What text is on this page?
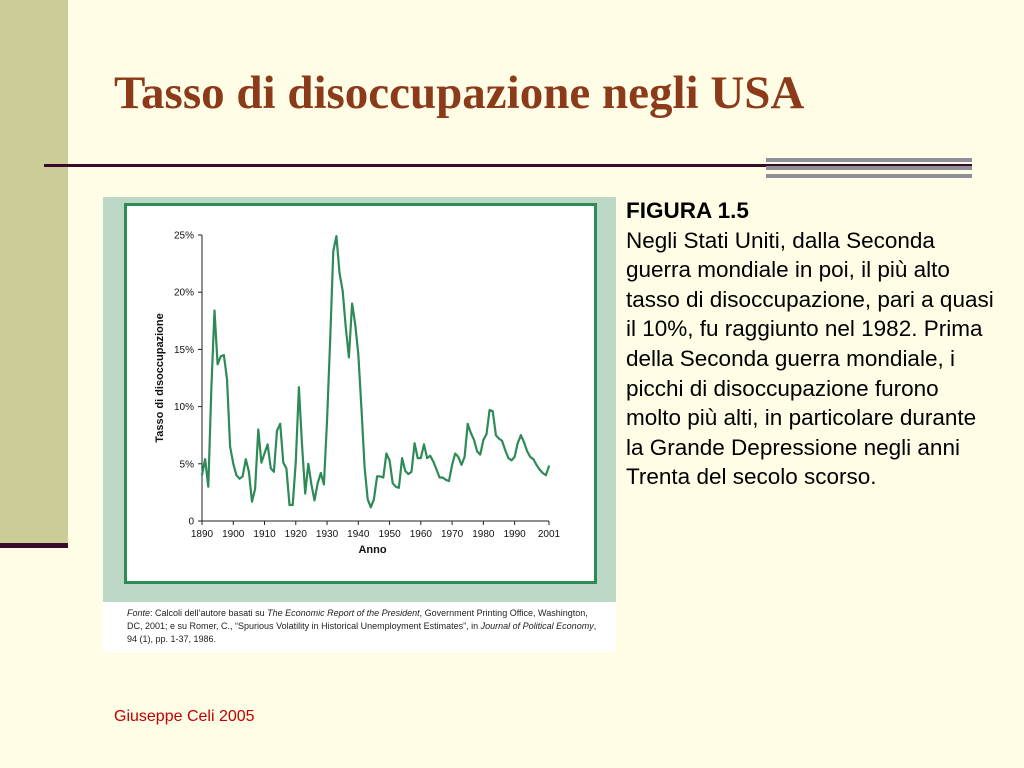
Tasso di disoccupazione negli USA
0
5%
10%
15%
20%
25%
1890 1900 1910 1920 1930 1940 1950 1960 1970 1980 1990 2001
Anno
Tasso di disoccupazione
Fonte: Calcoli dell’autore basati su The Economic Report of the President, Government Printing Office, Washington, DC, 2001; e su Romer, C., “Spurious Volatility in Historical Unemployment Estimates”, in Journal of Political Economy, 94 (1), pp. 1-37, 1986.

FIGURA 1.5

Negli Stati Uniti, dalla Seconda guerra mondiale in poi, il più alto tasso di disoccupazione, pari a quasi il 10%, fu raggiunto nel 1982. Prima della Seconda guerra mondiale, i picchi di disoccupazione furono molto più alti, in particolare durante la Grande Depressione negli anni Trenta del secolo scorso.

Giuseppe Celi 2005
